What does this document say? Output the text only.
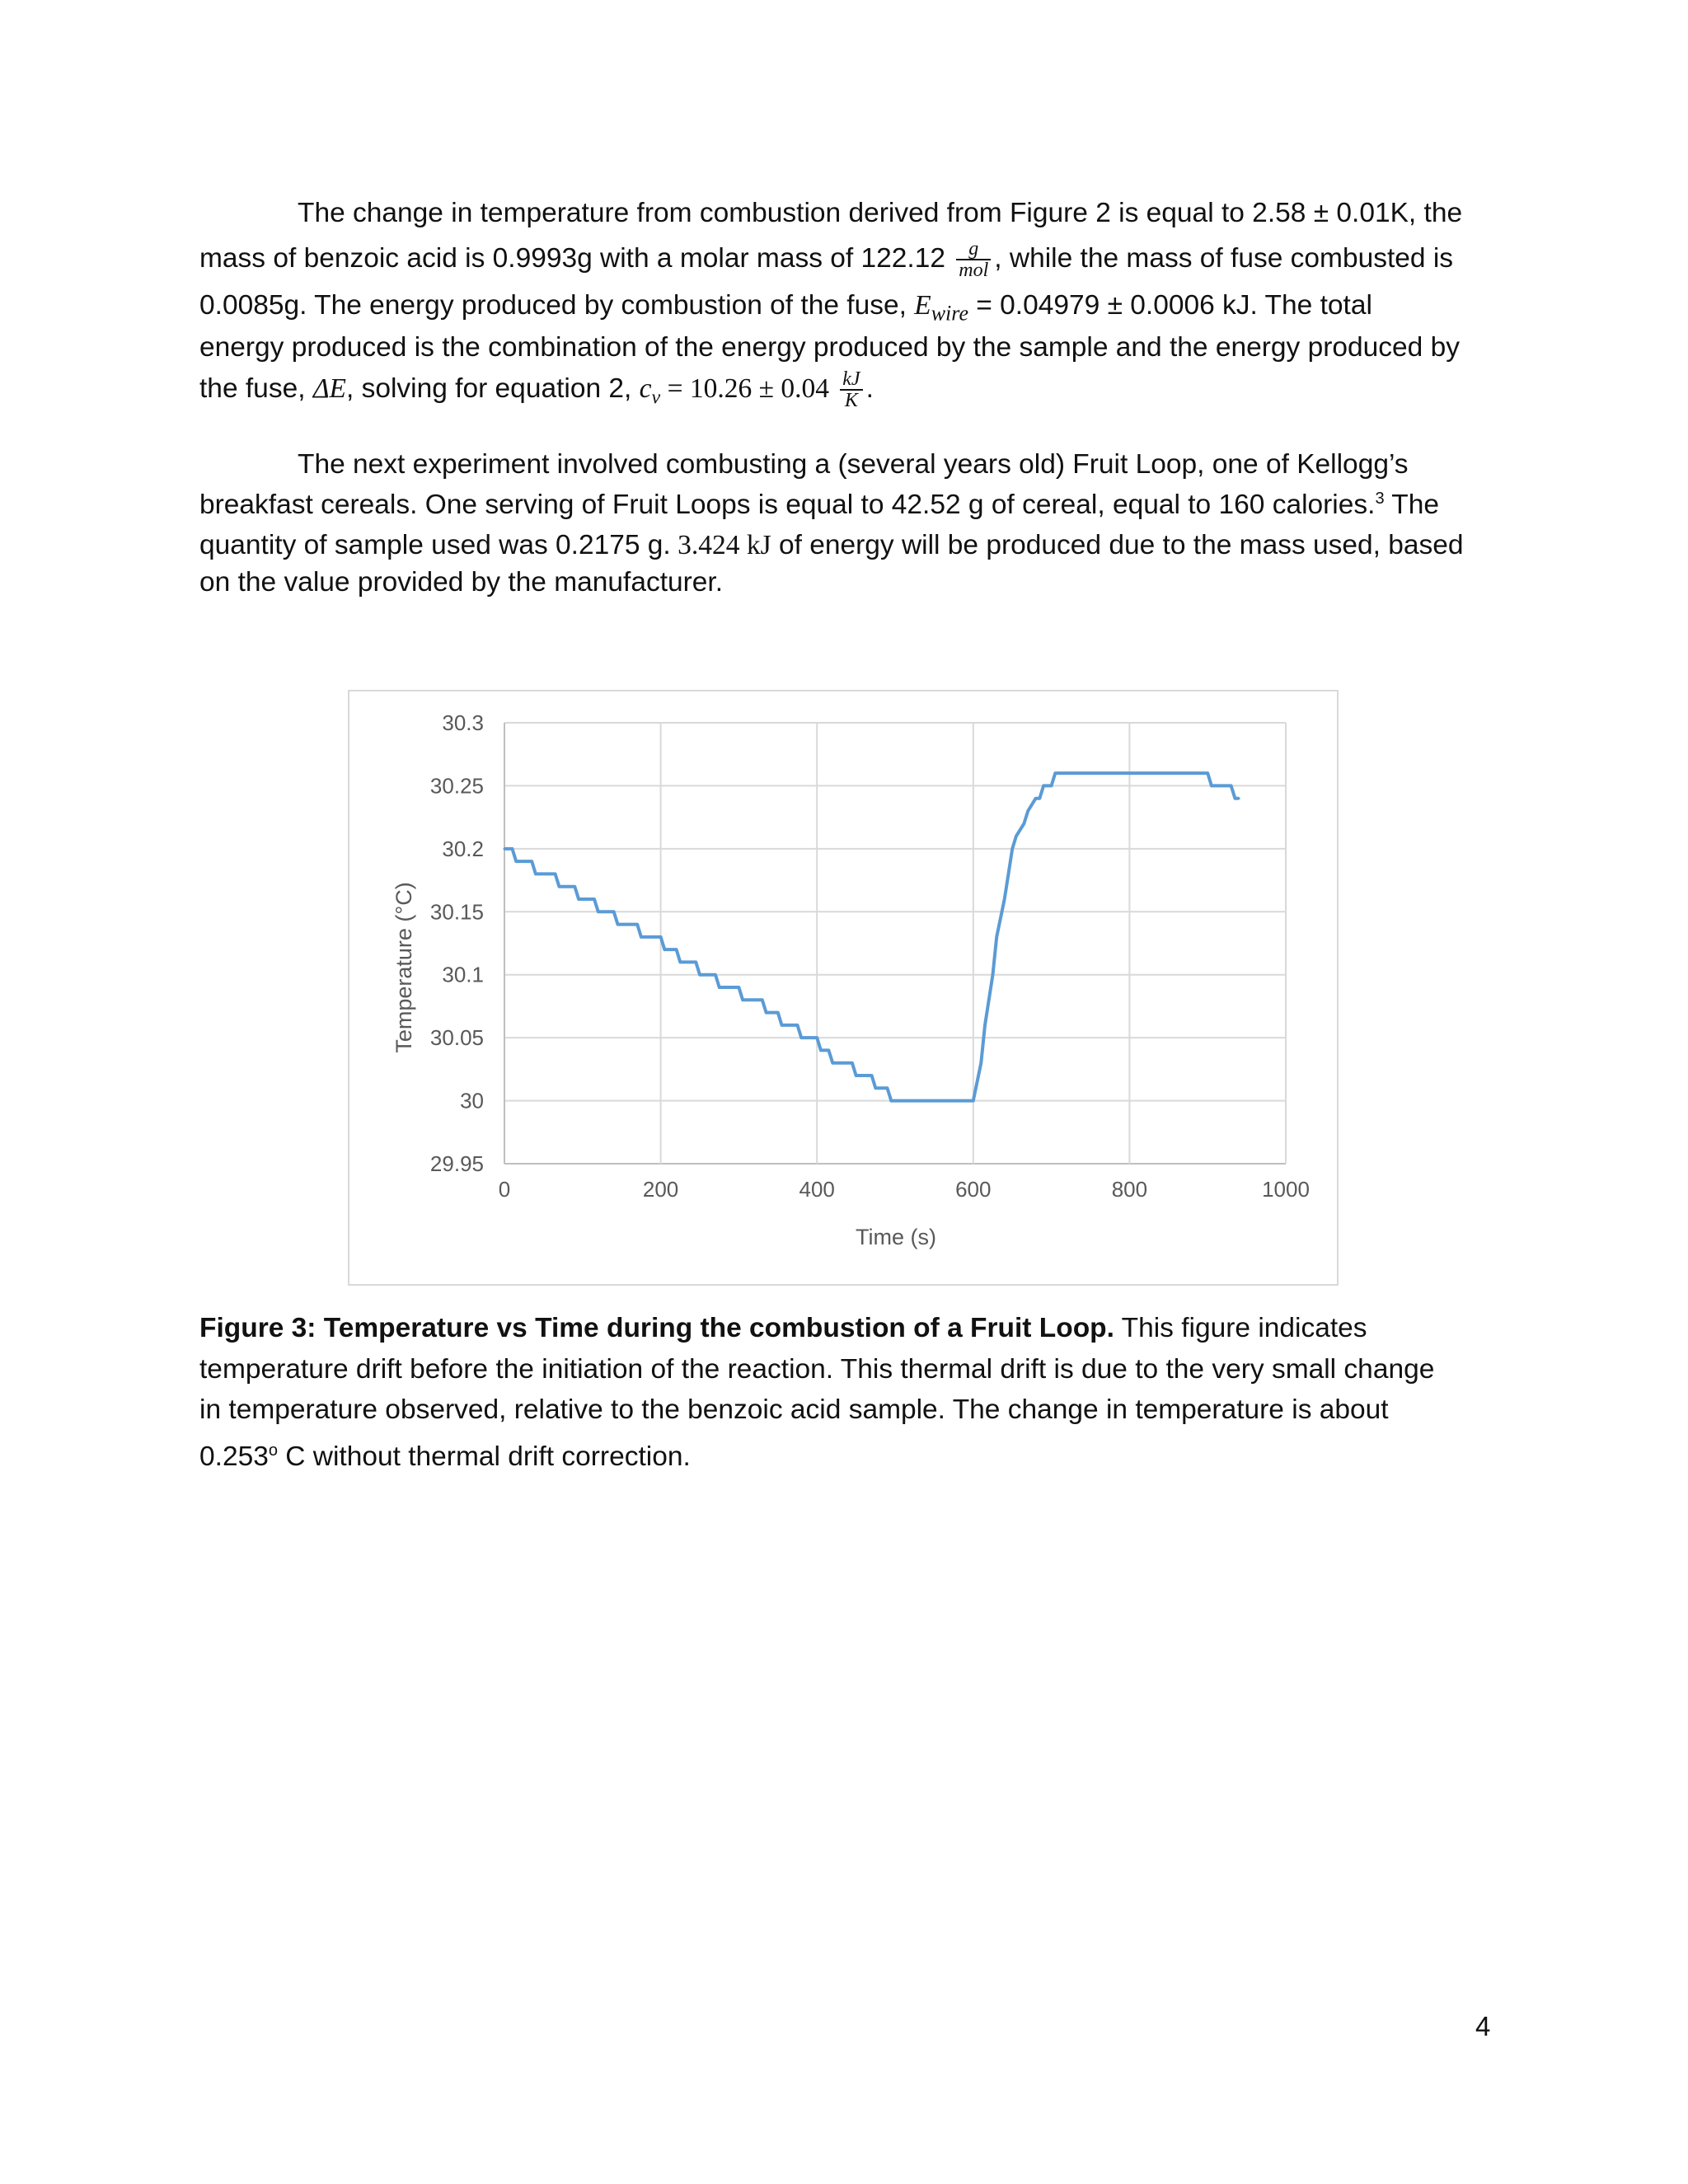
The change in temperature from combustion derived from Figure 2 is equal to 2.58 ± 0.01K, the
mass of benzoic acid is 0.9993g with a molar mass of $122.12 \frac{g}{\text{mol}}$ , while the mass of fuse combusted is
0.0085g. The energy produced by combustion of the fuse, $E_{wire} = 0.04979 \pm 0.0006$ kJ. The total
energy produced is the combination of the energy produced by the sample and the energy produced by
the fuse, ΔE, solving for equation 2, $c_v = 10.26 \pm 0.04 \frac{kJ}{K}$ .
The next experiment involved combusting a (several years old) Fruit Loop, one of Kellogg’s
breakfast cereals. One serving of Fruit Loops is equal to 42.52 g of cereal, equal to 160 calories.$^3$ The
quantity of sample used was 0.2175 g. 3.424 kJ of energy will be produced due to the mass used, based
on the value provided by the manufacturer.
29.95
30
30.05
30.1
30.15
30.2
30.25
30.3
0	200	400	600	800	1000
Time (s)
Temperature (°C)
Figure 3: Temperature vs Time during the combustion of a Fruit Loop. This figure indicates
temperature drift before the initiation of the reaction. This thermal drift is due to the very small change
in temperature observed, relative to the benzoic acid sample. The change in temperature is about
0.253$^o$ C without thermal drift correction.
4
